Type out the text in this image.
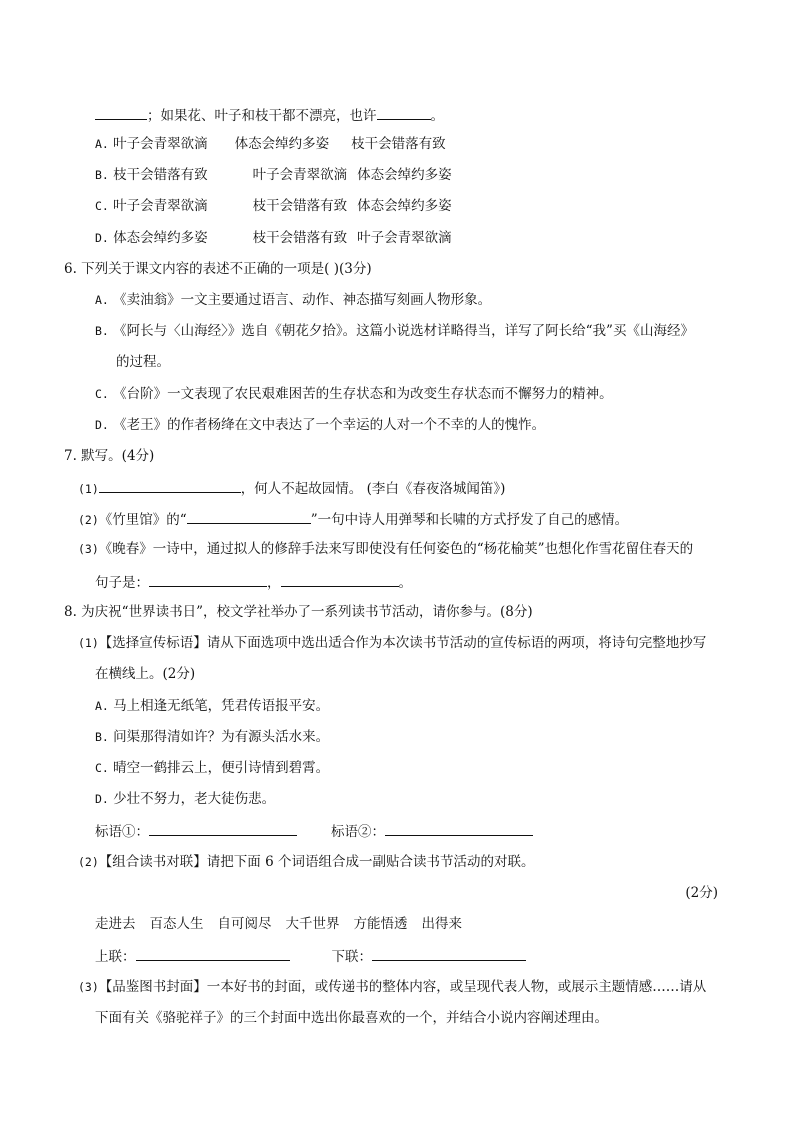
；如果花、叶子和枝干都不漂亮，也许	。
A. 叶子会青翠欲滴 体态会绰约多姿 枝干会错落有致
B. 枝干会错落有致	叶子会青翠欲滴 体态会绰约多姿
C. 叶子会青翠欲滴	枝干会错落有致 体态会绰约多姿
D. 体态会绰约多姿	枝干会错落有致 叶子会青翠欲滴
6. 下列关于课文内容的表述不正确的一项是( )(3分)
A. 《卖油翁》一文主要通过语言、动作、神态描写刻画人物形象。
B. 《阿长与〈山海经〉》选自《朝花夕拾》。这篇小说选材详略得当，详写了阿长给“我”买《山海经》
的过程。
C. 《台阶》一文表现了农民艰难困苦的生存状态和为改变生存状态而不懈努力的精神。
D. 《老王》的作者杨绛在文中表达了一个幸运的人对一个不幸的人的愧怍。
7. 默写。(4分)
(1)	，何人不起故园情。 (李白《春夜洛城闻笛》)
(2)《竹里馆》的“	”一句中诗人用弹琴和长啸的方式抒发了自己的感情。
(3)《晚春》一诗中，通过拟人的修辞手法来写即使没有任何姿色的“杨花榆荚”也想化作雪花留住春天的
句子是：	，	。
8. 为庆祝“世界读书日”，校文学社举办了一系列读书节活动，请你参与。(8分)
(1)【选择宣传标语】请从下面选项中选出适合作为本次读书节活动的宣传标语的两项，将诗句完整地抄写
在横线上。(2分)
A. 马上相逢无纸笔，凭君传语报平安。
B. 问渠那得清如许？为有源头活水来。
C. 晴空一鹤排云上，便引诗情到碧霄。
D. 少壮不努力，老大徒伤悲。
标语①：	标语②：
(2)【组合读书对联】请把下面 6 个词语组合成一副贴合读书节活动的对联。
(2分)
走进去 百态人生 自可阅尽 大千世界 方能悟透 出得来
上联：	下联：
(3)【品鉴图书封面】一本好书的封面，或传递书的整体内容，或呈现代表人物，或展示主题情感……请从
下面有关《骆驼祥子》的三个封面中选出你最喜欢的一个，并结合小说内容阐述理由。
